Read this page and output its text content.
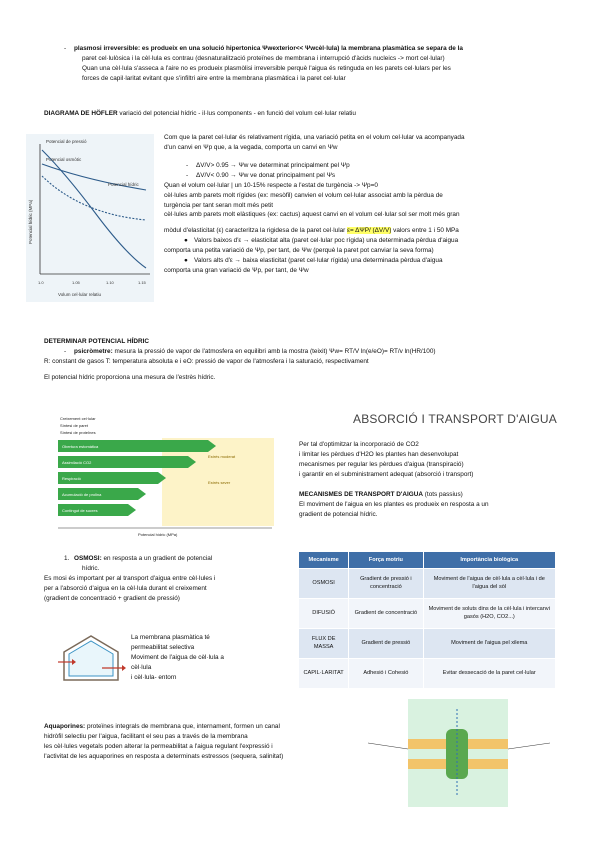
- plasmosi irreversible: es produeix en una solució hipertonica Ψwexterior<< Ψwcèl·lula) la membrana plasmàtica se separa de la

paret cel·lulòsica i la cèl·lula es contrau (desnaturalització proteïnes de membrana i interrupció d'àcids nucleics -> mort cel·lular)

Quan una cèl·lula s'asseca a l'aire no es produeix plasmòlisi irreversible perquè l'aigua és retinguda en les parets cel·lulars per les

forces de capil·laritat evitant que s'infiltri aire entre la membrana plasmàtica i la paret cel·lular

DIAGRAMA DE HÖFLER variació del potencial hídric - il·lus components - en funció del volum cel·lular relatiu

Potencial de pressió
Potencial osmòtic
Potencial hídric
Potencial hídric (MPa)
Volum cel·lular relatiu
1.0	1.05	1.10	1.15

Com que la paret cel·lular és relativament rígida, una variació petita en el volum cel·lular va acompanyada

d'un canvi en Ψp que, a la vegada, comporta un canvi en Ψw

- ΔV/V> 0.95 → Ψw ve determinat principalment pel Ψp

- ΔV/V< 0.90 → Ψw ve donat principalment pel Ψs

Quan el volum cel·lular | un 10-15% respecte a l'estat de turgència -> Ψp=0

cèl·lules amb parets molt rígides (ex: mesòfil) canvien el volum cel·lular associat amb la pèrdua de

turgència per tant seran molt més petit

cèl·lules amb parets molt elàstiques (ex: cactus) aquest canvi en el volum cel·lular sol ser molt més gran

mòdul d'elasticitat (ε) caracteritza la rigidesa de la paret cel·lular ε= ΔΨP/ (ΔV/V) valors entre 1 i 50 MPa

● Valors baixos d'ε → elasticitat alta (paret cel·lular poc rígida) una determinada pèrdua d'aigua

comporta una petita variació de Ψp, per tant, de Ψw (perquè la paret pot canviar la seva forma)

● Valors alts d'ε → baixa elasticitat (paret cel·lular rígida) una determinada pèrdua d'aigua

comporta una gran variació de Ψp, per tant, de Ψw

DETERMINAR POTENCIAL HÍDRIC

- psicròmetre: mesura la pressió de vapor de l'atmosfera en equilibri amb la mostra (teixit) Ψw= RT/V ln(e/eO)= RT/v ln(HR/100)

R: constant de gasos T: temperatura absoluta e i eO: pressió de vapor de l'atmosfera i la saturació, respectivament

El potencial hídric proporciona una mesura de l'estrès hídric.

Creixement cel·lular
Síntesi de paret
Síntesi de proteïnes
Obertura estomàtica
Assimilació CO2
Respiració
Acumulació de prolina
Contingut de sucres
Estrès moderat
Estrès sever
Potencial hídric (MPa)

ABSORCIÓ I TRANSPORT D'AIGUA

Per tal d'optimitzar la incorporació de CO2

i limitar les pèrdues d'H2O les plantes han desenvolupat

mecanismes per regular les pèrdues d'aigua (transpiració)

i garantir en el subministrament adequat (absorció i transport)

MECANISMES DE TRANSPORT D'AIGUA (tots passius)

El moviment de l'aigua en les plantes es produeix en resposta a un

gradient de potencial hídric.

Mecanisme	Força motriu	Importància biològica
OSMOSI	Gradient de pressió i concentració	Moviment de l'aigua de cèl·lula a cèl·lula i de l'aigua del sòl
DIFUSIÓ	Gradient de concentració	Moviment de soluts dins de la cèl·lula i intercanvi gasós (H2O, CO2...)
FLUX DE MASSA	Gradient de pressió	Moviment de l'aigua pel xilema
CAPIL·LARITAT	Adhesió i Cohesió	Evitar dessecació de la paret cel·lular

1. OSMOSI: en resposta a un gradient de potencial

hídric.

Es mosi és important per al transport d'aigua entre cèl·lules i

per a l'absorció d'aigua en la cèl·lula durant el creixement

(gradient de concentració + gradient de pressió)

La membrana plasmàtica té

permeabilitat selectiva

Moviment de l'aigua de cèl·lula a

cèl·lula

i cèl·lula- entorn

Aquaporines: proteïnes integrals de membrana que, internament, formen un canal

hidròfil selectiu per l'aigua, facilitant el seu pas a través de la membrana

les cèl·lules vegetals poden alterar la permeabilitat a l'aigua regulant l'expressió i

l'activitat de les aquaporines en resposta a determinats estressos (sequera, salinitat)
